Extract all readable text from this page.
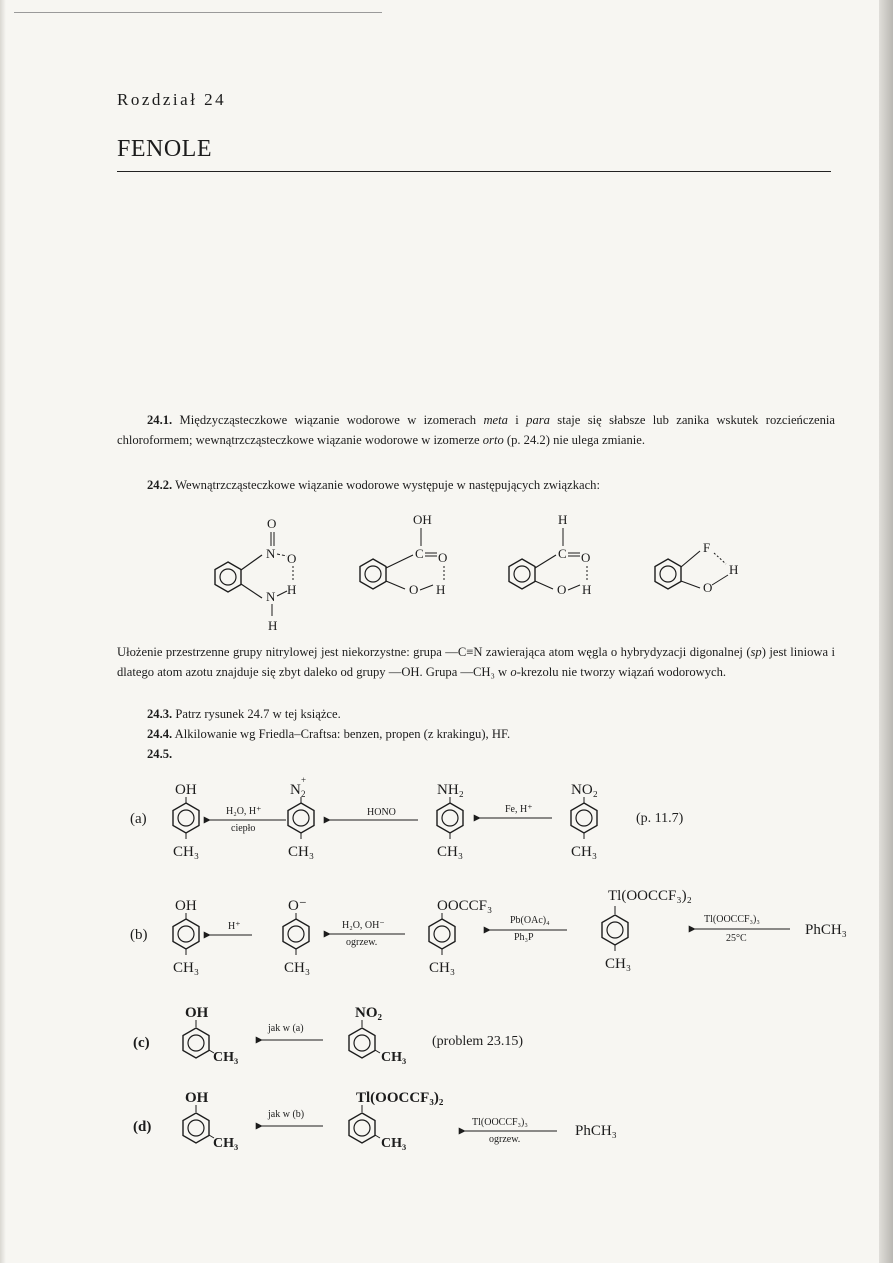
Rozdział 24
FENOLE
24.1. Międzycząsteczkowe wiązanie wodorowe w izomerach meta i para staje się słabsze lub zanika wskutek rozcieńczenia chloroformem; wewnątrzcząsteczkowe wiązanie wodorowe w izomerze orto (p. 24.2) nie ulega zmianie.
24.2. Wewnątrzcząsteczkowe wiązanie wodorowe występuje w następujących związkach:
Ułożenie przestrzenne grupy nitrylowej jest niekorzystne: grupa —C≡N zawierająca atom węgla o hybrydyzacji digonalnej (sp) jest liniowa i dlatego atom azotu znajduje się zbyt daleko od grupy —OH. Grupa —CH₃ w o-krezolu nie tworzy wiązań wodorowych.
24.3. Patrz rysunek 24.7 w tej książce.
24.4. Alkilowanie wg Friedla–Craftsa: benzen, propen (z krakingu), HF.
24.5.
O
N O
N H
H
OH
C O
O H
H
C O
O H
F
H
O
(a)
OH
CH₃
H₂O, H⁺
ciepło
N 2
+
CH₃
HONO
NH₂
CH₃
Fe, H⁺
NO₂
CH₃
(p. 11.7)
(b)
OH
CH₃
H⁺
O⁻
CH₃
H₂O, OH⁻
ogrzew.
OOCCF₃
CH₃
Pb(OAc)₄
Ph₃P
Tl(OOCCF₃)₂
CH₃
Tl(OOCCF₃)₃
25°C
PhCH₃
(c)
OH
CH₃
jak w (a)
NO₂
CH₃
(problem 23.15)
(d)
OH
CH₃
jak w (b)
Tl(OOCCF₃)₂
CH₃
Tl(OOCCF₃)₃
ogrzew.
PhCH₃
